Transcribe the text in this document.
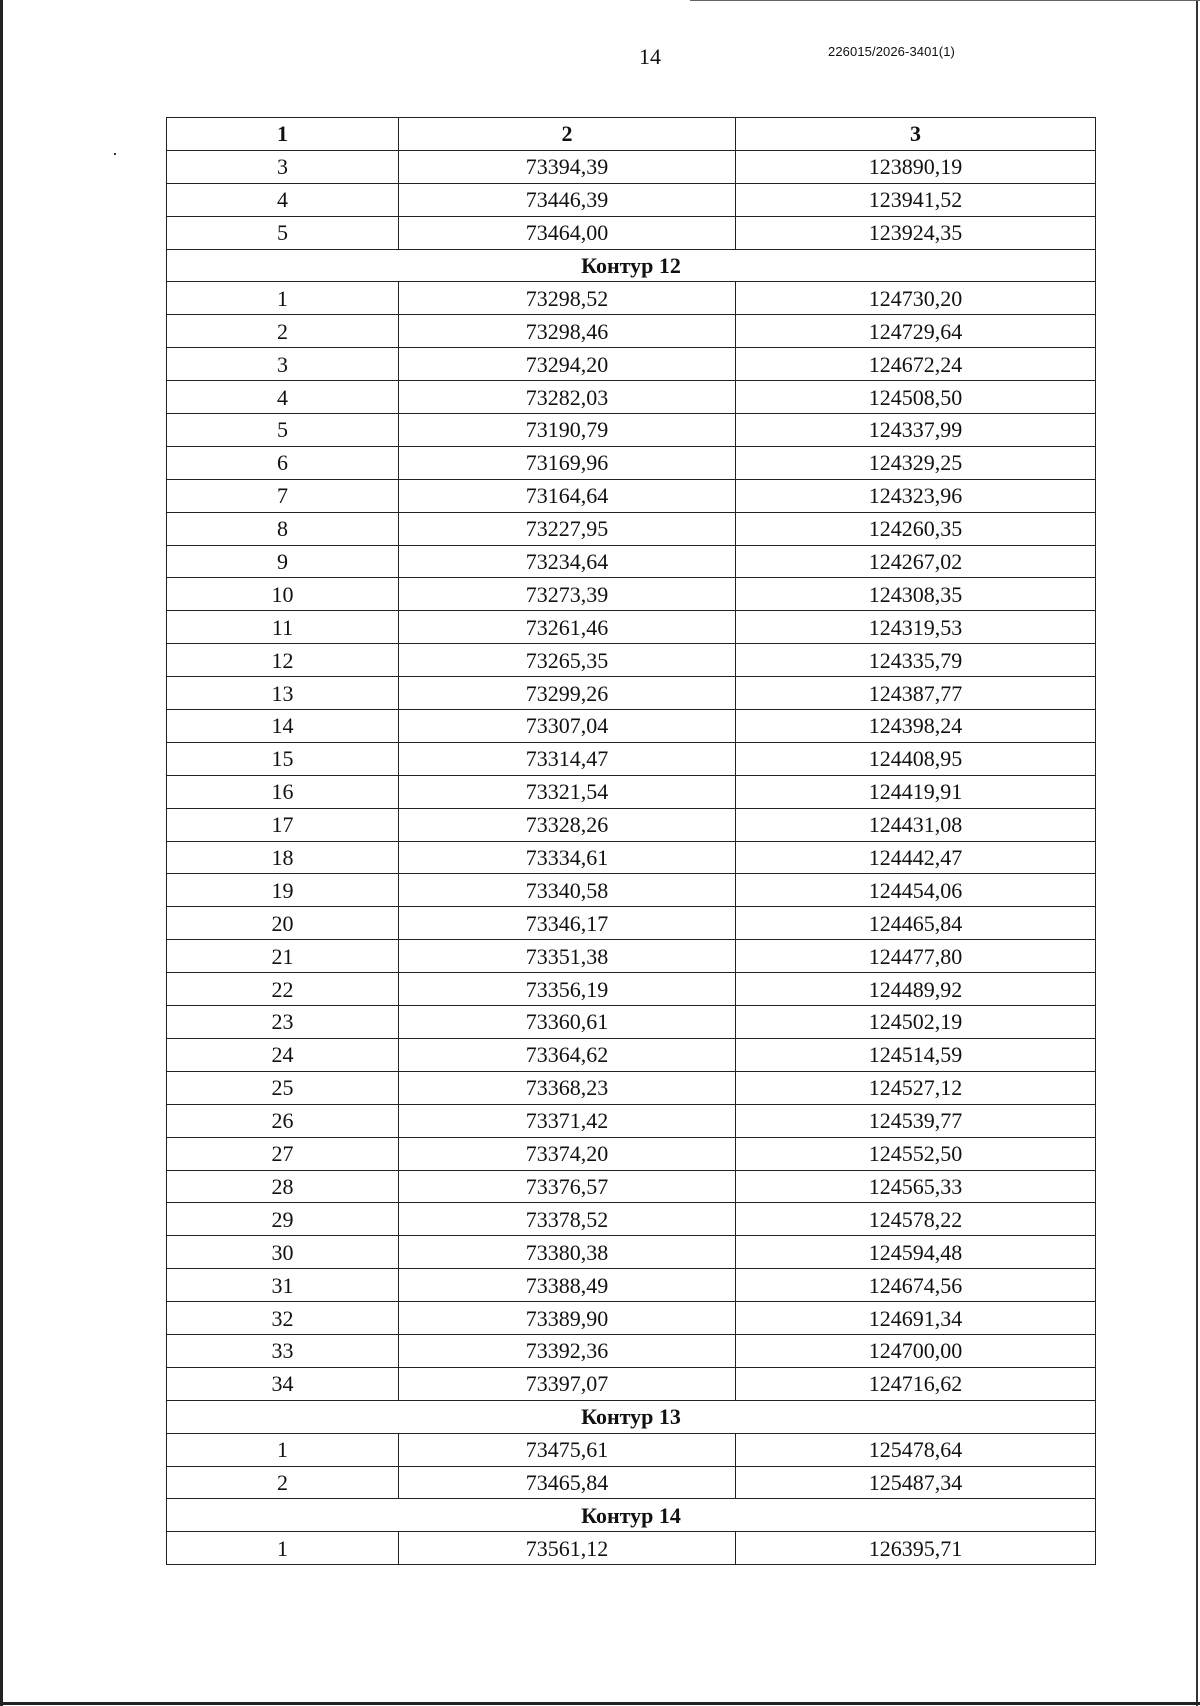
14	226015/2026-3401(1)
1	2	3
3	73394,39	123890,19
4	73446,39	123941,52
5	73464,00	123924,35
Контур 12		
1	73298,52	124730,20
2	73298,46	124729,64
3	73294,20	124672,24
4	73282,03	124508,50
5	73190,79	124337,99
6	73169,96	124329,25
7	73164,64	124323,96
8	73227,95	124260,35
9	73234,64	124267,02
10	73273,39	124308,35
11	73261,46	124319,53
12	73265,35	124335,79
13	73299,26	124387,77
14	73307,04	124398,24
15	73314,47	124408,95
16	73321,54	124419,91
17	73328,26	124431,08
18	73334,61	124442,47
19	73340,58	124454,06
20	73346,17	124465,84
21	73351,38	124477,80
22	73356,19	124489,92
23	73360,61	124502,19
24	73364,62	124514,59
25	73368,23	124527,12
26	73371,42	124539,77
27	73374,20	124552,50
28	73376,57	124565,33
29	73378,52	124578,22
30	73380,38	124594,48
31	73388,49	124674,56
32	73389,90	124691,34
33	73392,36	124700,00
34	73397,07	124716,62
Контур 13		
1	73475,61	125478,64
2	73465,84	125487,34
Контур 14		
1	73561,12	126395,71
